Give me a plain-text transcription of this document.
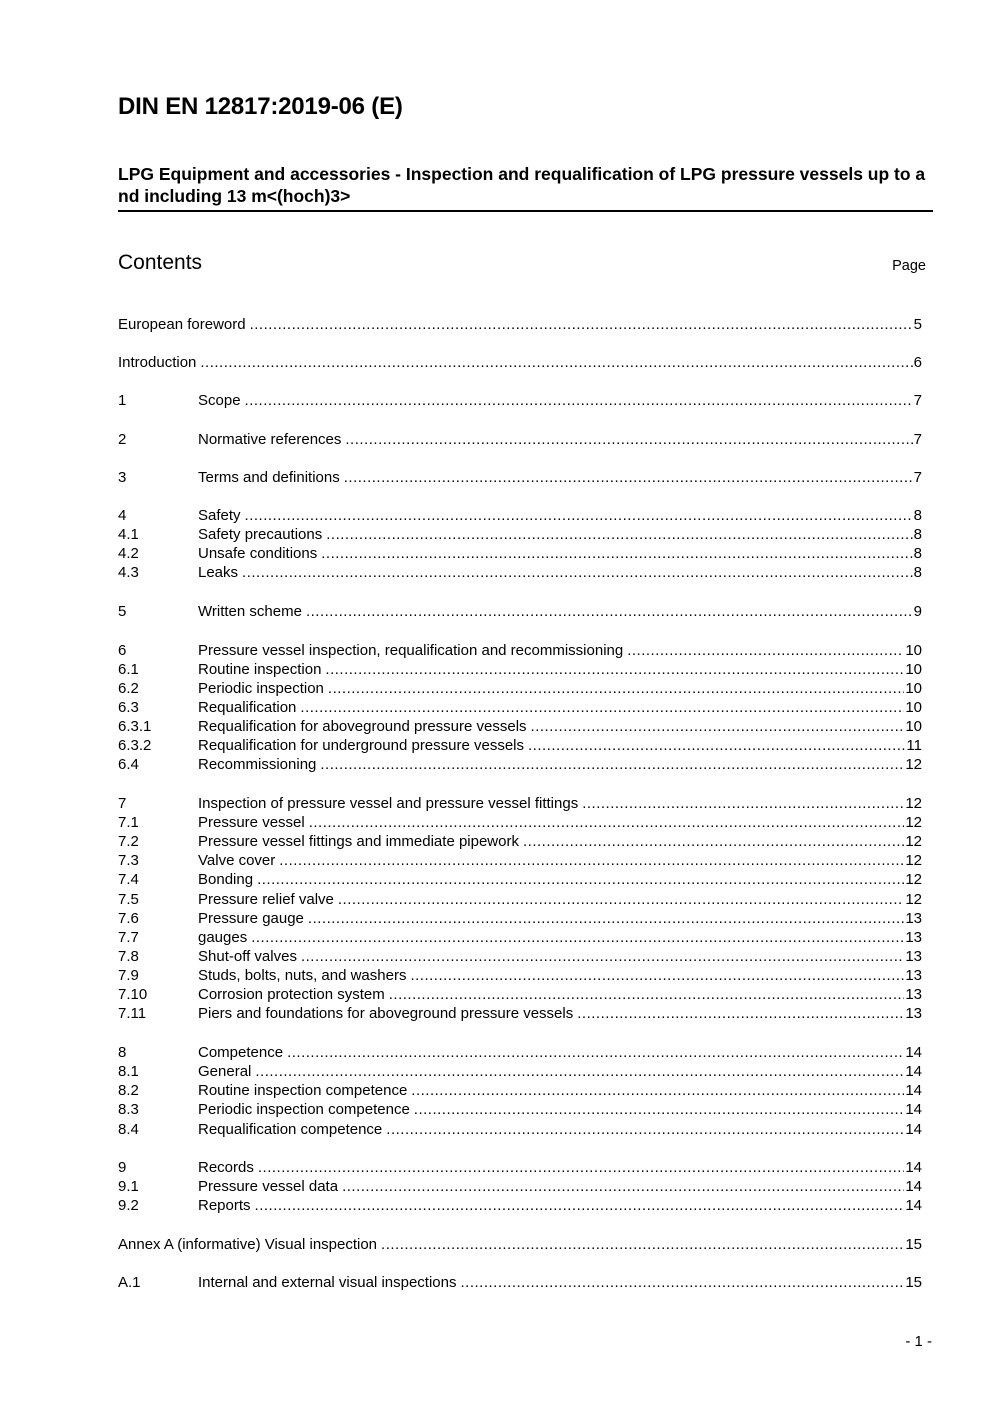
DIN EN 12817:2019-06 (E)
LPG Equipment and accessories - Inspection and requalification of LPG pressure vessels up to a nd including 13 m<(hoch)3>
Contents	Page
European foreword .....	5
Introduction .....	6
1	Scope .....	7
2	Normative references .....	7
3	Terms and definitions .....	7
4	Safety .....	8
4.1	Safety precautions .....	8
4.2	Unsafe conditions .....	8
4.3	Leaks .....	8
5	Written scheme .....	9
6	Pressure vessel inspection, requalification and recommissioning .....	10
6.1	Routine inspection .....	10
6.2	Periodic inspection .....	10
6.3	Requalification .....	10
6.3.1	Requalification for aboveground pressure vessels .....	10
6.3.2	Requalification for underground pressure vessels .....	11
6.4	Recommissioning .....	12
7	Inspection of pressure vessel and pressure vessel fittings .....	12
7.1	Pressure vessel .....	12
7.2	Pressure vessel fittings and immediate pipework .....	12
7.3	Valve cover .....	12
7.4	Bonding .....	12
7.5	Pressure relief valve .....	12
7.6	Pressure gauge .....	13
7.7	gauges .....	13
7.8	Shut-off valves .....	13
7.9	Studs, bolts, nuts, and washers .....	13
7.10	Corrosion protection system .....	13
7.11	Piers and foundations for aboveground pressure vessels .....	13
8	Competence .....	14
8.1	General .....	14
8.2	Routine inspection competence .....	14
8.3	Periodic inspection competence .....	14
8.4	Requalification competence .....	14
9	Records .....	14
9.1	Pressure vessel data .....	14
9.2	Reports .....	14
Annex A (informative) Visual inspection .....	15
A.1	Internal and external visual inspections .....	15
- 1 -
